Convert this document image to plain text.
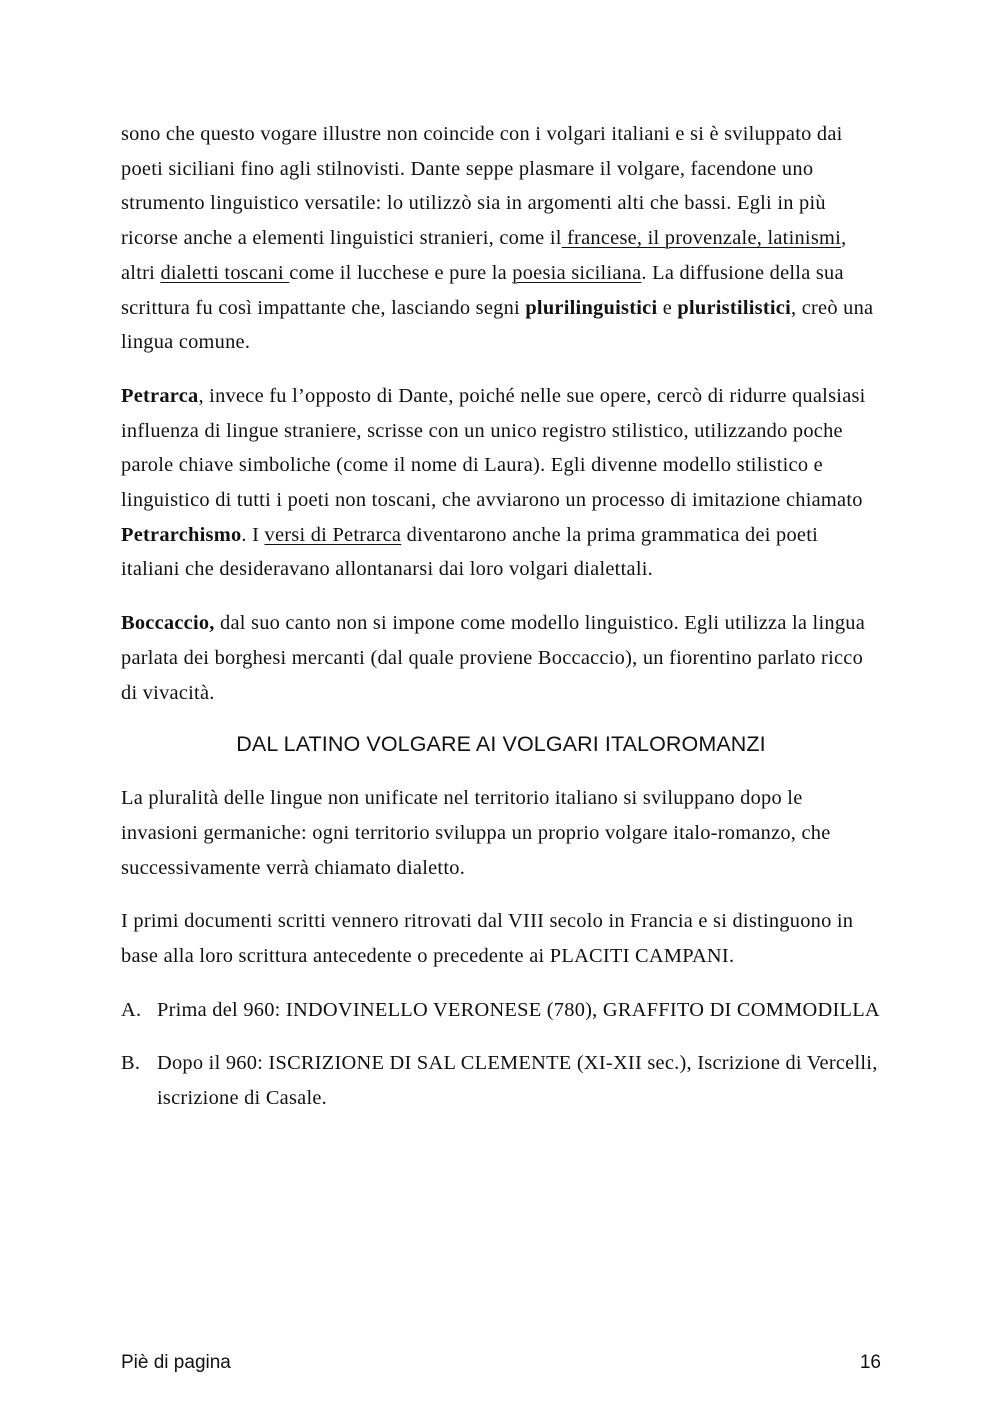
sono che questo vogare illustre non coincide con i volgari italiani e si è sviluppato dai poeti siciliani fino agli stilnovisti. Dante seppe plasmare il volgare, facendone uno strumento linguistico versatile: lo utilizzò sia in argomenti alti che bassi. Egli in più ricorse anche a elementi linguistici stranieri, come il francese, il provenzale, latinismi, altri dialetti toscani come il lucchese e pure la poesia siciliana. La diffusione della sua scrittura fu così impattante che, lasciando segni plurilinguistici e pluristilistici, creò una lingua comune.

Petrarca, invece fu l’opposto di Dante, poiché nelle sue opere, cercò di ridurre qualsiasi influenza di lingue straniere, scrisse con un unico registro stilistico, utilizzando poche parole chiave simboliche (come il nome di Laura). Egli divenne modello stilistico e linguistico di tutti i poeti non toscani, che avviarono un processo di imitazione chiamato Petrarchismo. I versi di Petrarca diventarono anche la prima grammatica dei poeti italiani che desideravano allontanarsi dai loro volgari dialettali.

Boccaccio, dal suo canto non si impone come modello linguistico. Egli utilizza la lingua parlata dei borghesi mercanti (dal quale proviene Boccaccio), un fiorentino parlato ricco di vivacità.

DAL LATINO VOLGARE AI VOLGARI ITALOROMANZI

La pluralità delle lingue non unificate nel territorio italiano si sviluppano dopo le invasioni germaniche: ogni territorio sviluppa un proprio volgare italo-romanzo, che successivamente verrà chiamato dialetto.

I primi documenti scritti vennero ritrovati dal VIII secolo in Francia e si distinguono in base alla loro scrittura antecedente o precedente ai PLACITI CAMPANI.

A. Prima del 960: INDOVINELLO VERONESE (780), GRAFFITO DI COMMODILLA
B. Dopo il 960: ISCRIZIONE DI SAL CLEMENTE (XI-XII sec.), Iscrizione di Vercelli, iscrizione di Casale.
Piè di pagina	16
